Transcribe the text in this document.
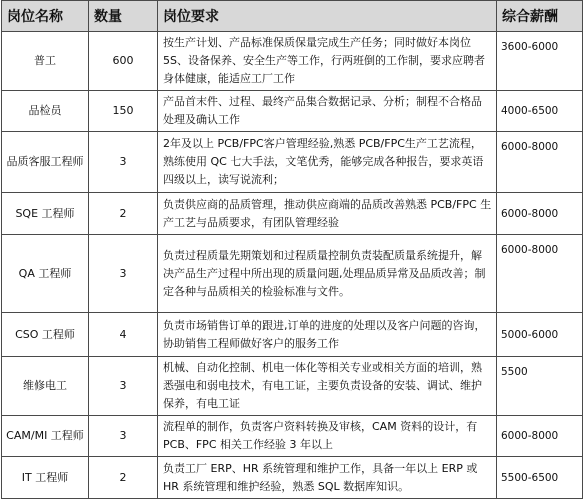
岗位名称	数量	岗位要求	综合薪酬
普工	600	按生产计划、产品标准保质保量完成生产任务；同时做好本岗位5S、设备保养、安全生产等工作，行两班倒的工作制，要求应聘者身体健康，能适应工厂工作	3600-6000
品检员	150	产品首末件、过程、最终产品集合数据记录、分析；制程不合格品处理及确认工作	4000-6500
品质客服工程师	3	2年及以上 PCB/FPC客户管理经验,熟悉 PCB/FPC生产工艺流程，熟练使用 QC 七大手法，文笔优秀，能够完成各种报告，要求英语四级以上，读写说流利；	6000-8000
SQE 工程师	2	负责供应商的品质管理，推动供应商端的品质改善熟悉 PCB/FPC 生产工艺与品质要求，有团队管理经验	6000-8000
QA 工程师	3	负责过程质量先期策划和过程质量控制负责装配质量系统提升，解决产品生产过程中所出现的质量问题,处理品质异常及品质改善；制定各种与品质相关的检验标准与文件。	6000-8000
CSO 工程师	4	负责市场销售订单的跟进,订单的进度的处理以及客户问题的咨询，协助销售工程师做好客户的服务工作	5000-6000
维修电工	3	机械、自动化控制、机电一体化等相关专业或相关方面的培训，熟悉强电和弱电技术，有电工证，主要负责设备的安装、调试、维护保养，有电工证	5500
CAM/MI 工程师	3	流程单的制作，负责客户资料转换及审核，CAM 资料的设计，有 PCB、FPC 相关工作经验 3 年以上	6000-8000
IT 工程师	2	负责工厂 ERP、HR 系统管理和维护工作，具备一年以上 ERP 或HR 系统管理和维护经验，熟悉 SQL 数据库知识。	5500-6500
